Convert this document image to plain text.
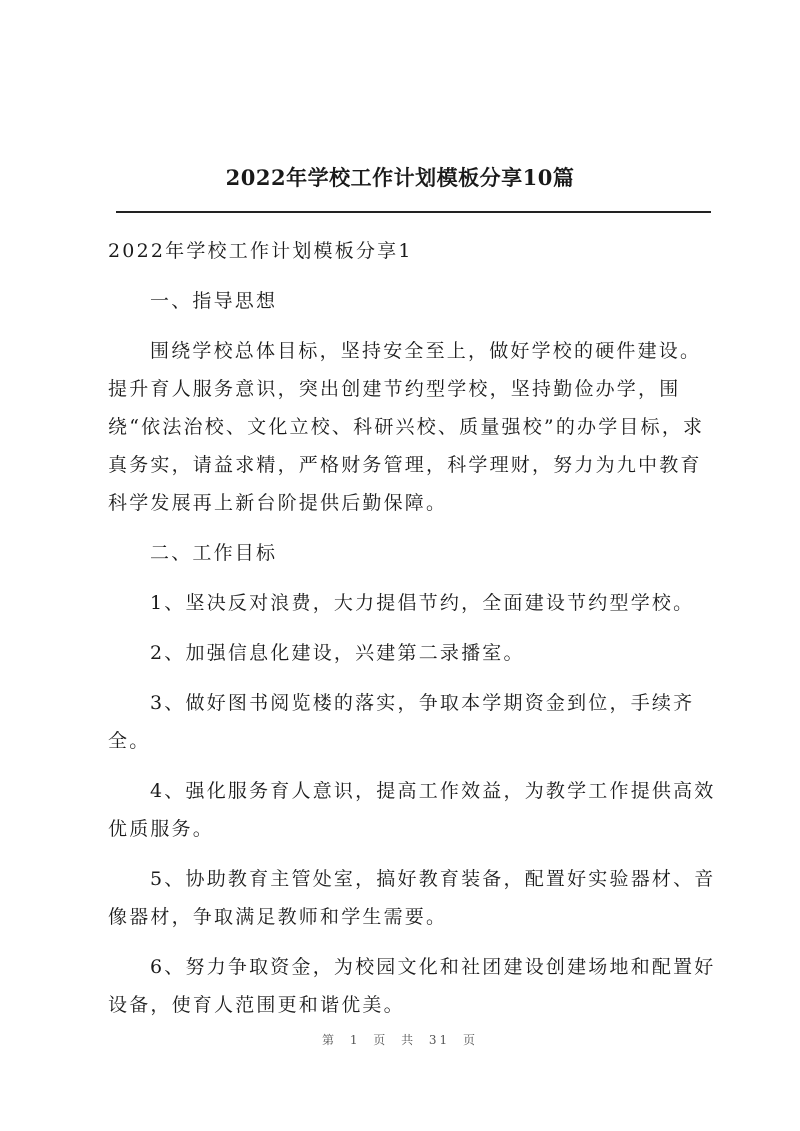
2022年学校工作计划模板分享10篇

2022年学校工作计划模板分享1

一、指导思想

围绕学校总体目标，坚持安全至上，做好学校的硬件建设。提升育人服务意识，突出创建节约型学校，坚持勤俭办学，围绕“依法治校、文化立校、科研兴校、质量强校”的办学目标，求真务实，请益求精，严格财务管理，科学理财，努力为九中教育科学发展再上新台阶提供后勤保障。

二、工作目标

1、坚决反对浪费，大力提倡节约，全面建设节约型学校。

2、加强信息化建设，兴建第二录播室。

3、做好图书阅览楼的落实，争取本学期资金到位，手续齐全。

4、强化服务育人意识，提高工作效益，为教学工作提供高效优质服务。

5、协助教育主管处室，搞好教育装备，配置好实验器材、音像器材，争取满足教师和学生需要。

6、努力争取资金，为校园文化和社团建设创建场地和配置好设备，使育人范围更和谐优美。

第 1 页 共 31 页
